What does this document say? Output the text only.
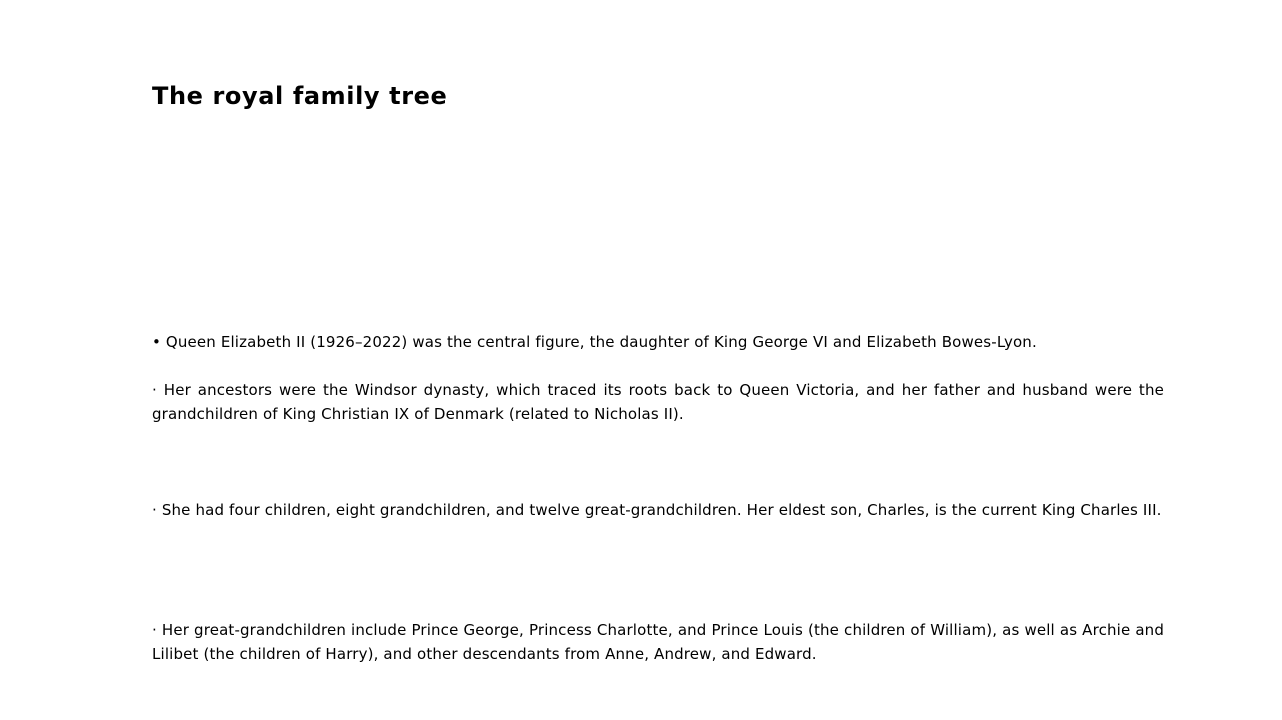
The royal family tree

• Queen Elizabeth II (1926–2022) was the central figure, the daughter of King George VI and Elizabeth Bowes-Lyon.

· Her ancestors were the Windsor dynasty, which traced its roots back to Queen Victoria, and her father and husband were the grandchildren of King Christian IX of Denmark (related to Nicholas II).

· She had four children, eight grandchildren, and twelve great-grandchildren. Her eldest son, Charles, is the current King Charles III.

· Her great-grandchildren include Prince George, Princess Charlotte, and Prince Louis (the children of William), as well as Archie and Lilibet (the children of Harry), and other descendants from Anne, Andrew, and Edward.
